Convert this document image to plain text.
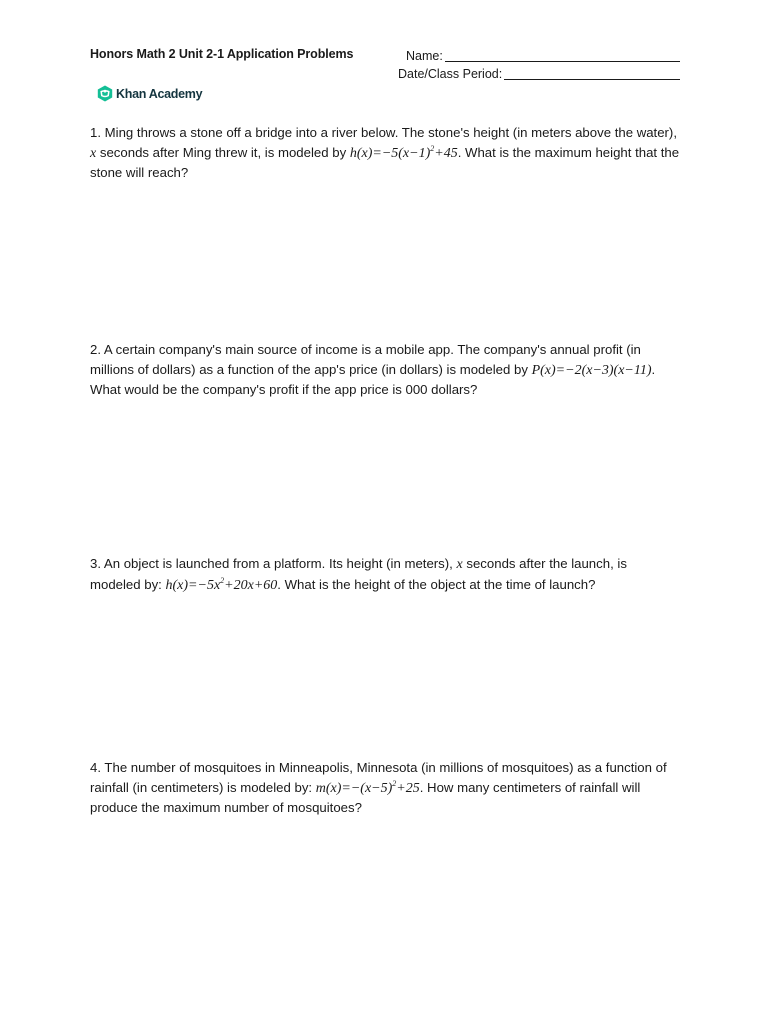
Honors Math 2 Unit 2-1 Application Problems	Name:
Date/Class Period:
Khan Academy
1. Ming throws a stone off a bridge into a river below. The stone's height (in meters above the water), x seconds after Ming threw it, is modeled by $h(x)=-5(x-1)^2+45$. What is the maximum height that the stone will reach?
2. A certain company's main source of income is a mobile app. The company's annual profit (in millions of dollars) as a function of the app's price (in dollars) is modeled by P(x)=−2(x−3)(x−11). What would be the company's profit if the app price is 000 dollars?
3. An object is launched from a platform. Its height (in meters), x seconds after the launch, is modeled by: $h(x)=-5x^2+20x+60$. What is the height of the object at the time of launch?
4. The number of mosquitoes in Minneapolis, Minnesota (in millions of mosquitoes) as a function of rainfall (in centimeters) is modeled by: $m(x)=-(x-5)^2+25$. How many centimeters of rainfall will produce the maximum number of mosquitoes?
